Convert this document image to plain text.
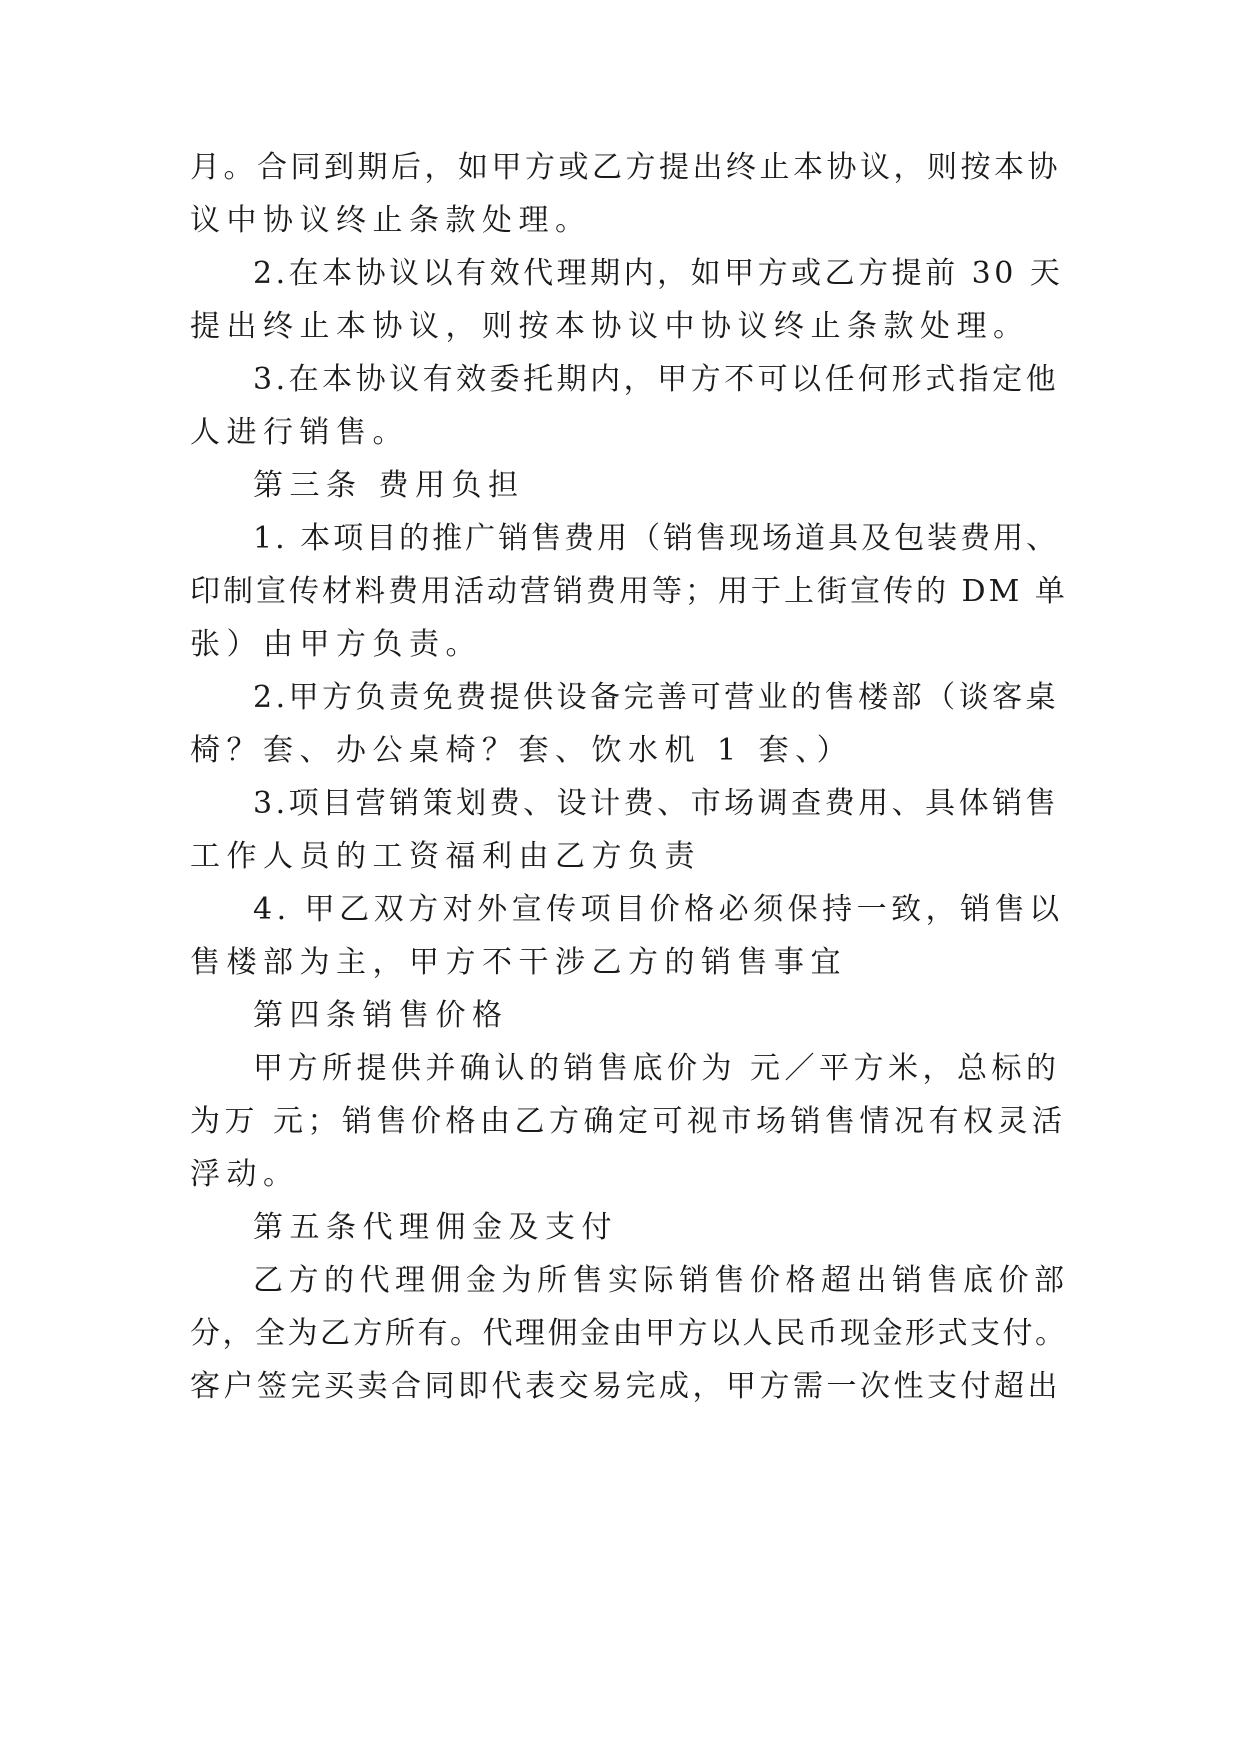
月。合同到期后，如甲方或乙方提出终止本协议，则按本协
议中协议终止条款处理。
2.在本协议以有效代理期内，如甲方或乙方提前 30 天
提出终止本协议，则按本协议中协议终止条款处理。
3.在本协议有效委托期内，甲方不可以任何形式指定他
人进行销售。
第三条 费用负担
1. 本项目的推广销售费用（销售现场道具及包装费用、
印制宣传材料费用活动营销费用等；用于上街宣传的 DM 单
张）由甲方负责。
2.甲方负责免费提供设备完善可营业的售楼部（谈客桌
椅？套、办公桌椅？套、饮水机 1 套、）
3.项目营销策划费、设计费、市场调查费用、具体销售
工作人员的工资福利由乙方负责
4. 甲乙双方对外宣传项目价格必须保持一致，销售以
售楼部为主，甲方不干涉乙方的销售事宜
第四条销售价格
甲方所提供并确认的销售底价为 元／平方米，总标的
为万 元；销售价格由乙方确定可视市场销售情况有权灵活
浮动。
第五条代理佣金及支付
乙方的代理佣金为所售实际销售价格超出销售底价部
分，全为乙方所有。代理佣金由甲方以人民币现金形式支付。
客户签完买卖合同即代表交易完成，甲方需一次性支付超出
